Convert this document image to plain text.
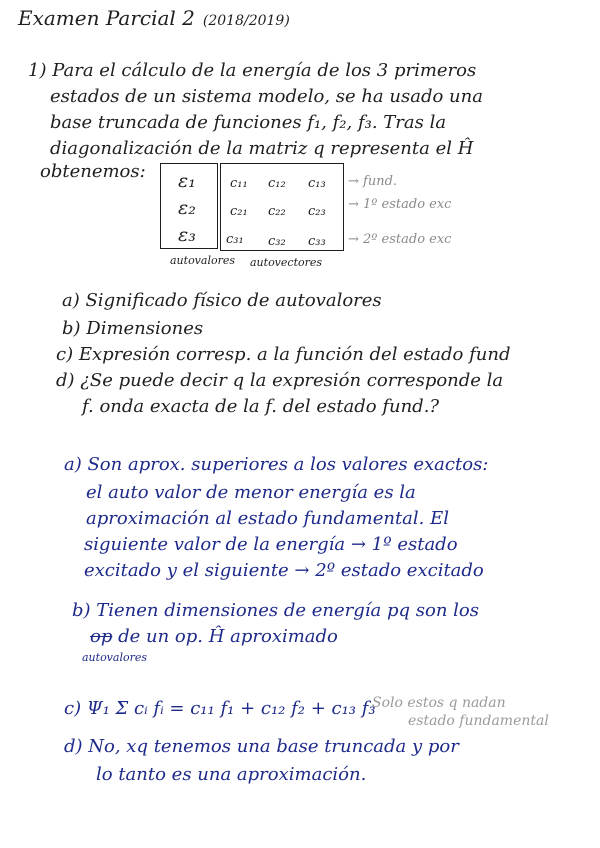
Examen Parcial 2 (2018/2019)
1) Para el cálculo de la energía de los 3 primeros
estados de un sistema modelo, se ha usado una
base truncada de funciones f₁, f₂, f₃. Tras la
diagonalización de la matriz q representa el Ĥ
obtenemos: ε₁
ε₂
ε₃
c₁₁ c₁₂ c₁₃
c₂₁ c₂₂ c₂₃
c₃₁ c₃₂ c₃₃
→ fund.
→ 1º estado exc
→ 2º estado exc
autovalores autovectores
a) Significado físico de autovalores
b) Dimensiones
c) Expresión corresp. a la función del estado fund
d) ¿Se puede decir q la expresión corresponde la
f. onda exacta de la f. del estado fund.?
a) Son aprox. superiores a los valores exactos:
el auto valor de menor energía es la
aproximación al estado fundamental. El
siguiente valor de la energía → 1º estado
excitado y el siguiente → 2º estado excitado
b) Tienen dimensiones de energía pq son los
op de un op. Ĥ aproximado
autovalores
c) Ψ₁ Σ cᵢ fᵢ = c₁₁ f₁ + c₁₂ f₂ + c₁₃ f₃
Solo estos q nadan
estado fundamental
d) No, xq tenemos una base truncada y por
lo tanto es una aproximación.
